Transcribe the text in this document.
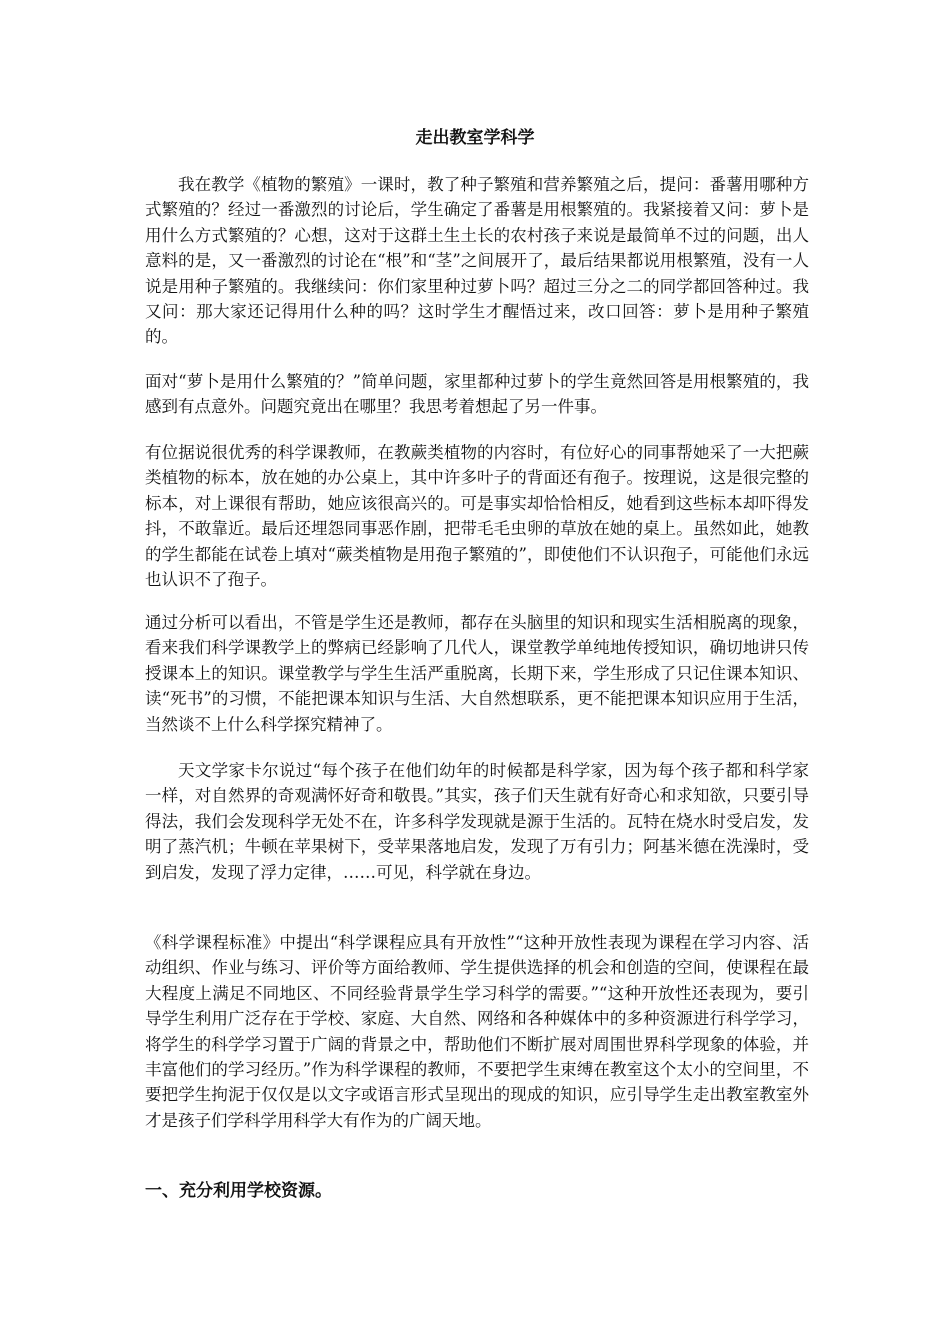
走出教室学科学

我在教学《植物的繁殖》一课时，教了种子繁殖和营养繁殖之后，提问：番薯用哪种方式繁殖的？经过一番激烈的讨论后，学生确定了番薯是用根繁殖的。我紧接着又问：萝卜是用什么方式繁殖的？心想，这对于这群土生土长的农村孩子来说是最简单不过的问题，出人意料的是，又一番激烈的讨论在“根”和“茎”之间展开了，最后结果都说用根繁殖，没有一人说是用种子繁殖的。我继续问：你们家里种过萝卜吗？超过三分之二的同学都回答种过。我又问：那大家还记得用什么种的吗？这时学生才醒悟过来，改口回答：萝卜是用种子繁殖的。

面对“萝卜是用什么繁殖的？”简单问题，家里都种过萝卜的学生竟然回答是用根繁殖的，我感到有点意外。问题究竟出在哪里？我思考着想起了另一件事。

有位据说很优秀的科学课教师，在教蕨类植物的内容时，有位好心的同事帮她采了一大把蕨类植物的标本，放在她的办公桌上，其中许多叶子的背面还有孢子。按理说，这是很完整的标本，对上课很有帮助，她应该很高兴的。可是事实却恰恰相反，她看到这些标本却吓得发抖，不敢靠近。最后还埋怨同事恶作剧，把带毛毛虫卵的草放在她的桌上。虽然如此，她教的学生都能在试卷上填对“蕨类植物是用孢子繁殖的”，即使他们不认识孢子，可能他们永远也认识不了孢子。

通过分析可以看出，不管是学生还是教师，都存在头脑里的知识和现实生活相脱离的现象，看来我们科学课教学上的弊病已经影响了几代人，课堂教学单纯地传授知识，确切地讲只传授课本上的知识。课堂教学与学生生活严重脱离，长期下来，学生形成了只记住课本知识、读“死书”的习惯，不能把课本知识与生活、大自然想联系，更不能把课本知识应用于生活，当然谈不上什么科学探究精神了。

天文学家卡尔说过“每个孩子在他们幼年的时候都是科学家，因为每个孩子都和科学家一样，对自然界的奇观满怀好奇和敬畏。”其实，孩子们天生就有好奇心和求知欲，只要引导得法，我们会发现科学无处不在，许多科学发现就是源于生活的。瓦特在烧水时受启发，发明了蒸汽机；牛顿在苹果树下，受苹果落地启发，发现了万有引力；阿基米德在洗澡时，受到启发，发现了浮力定律，……可见，科学就在身边。

《科学课程标准》中提出“科学课程应具有开放性”“这种开放性表现为课程在学习内容、活动组织、作业与练习、评价等方面给教师、学生提供选择的机会和创造的空间，使课程在最大程度上满足不同地区、不同经验背景学生学习科学的需要。”“这种开放性还表现为，要引导学生利用广泛存在于学校、家庭、大自然、网络和各种媒体中的多种资源进行科学学习，将学生的科学学习置于广阔的背景之中，帮助他们不断扩展对周围世界科学现象的体验，并丰富他们的学习经历。”作为科学课程的教师，不要把学生束缚在教室这个太小的空间里，不要把学生拘泥于仅仅是以文字或语言形式呈现出的现成的知识，应引导学生走出教室教室外才是孩子们学科学用科学大有作为的广阔天地。

一、充分利用学校资源。
